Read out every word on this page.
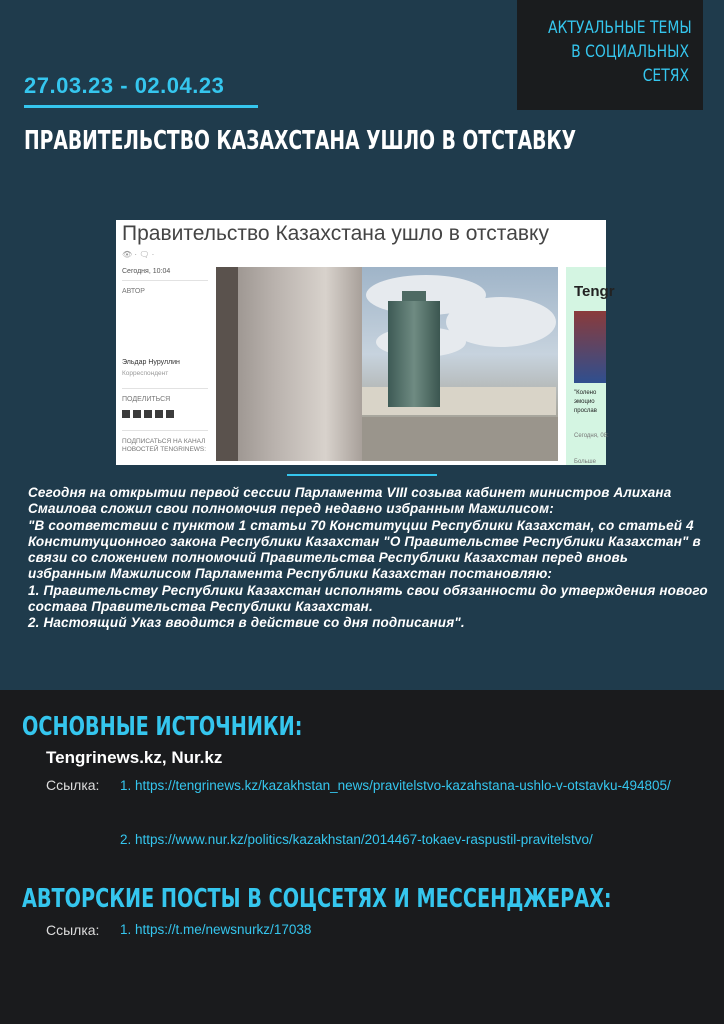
АКТУАЛЬНЫЕ ТЕМЫ
В СОЦИАЛЬНЫХ
СЕТЯХ
27.03.23 - 02.04.23
ПРАВИТЕЛЬСТВО КАЗАХСТАНА УШЛО В ОТСТАВКУ
Правительство Казахстана ушло в отставку
👁 · 🗨 ·
Сегодня, 10:04
АВТОР
Эльдар Нуруллин
Корреспондент
ПОДЕЛИТЬСЯ
ПОДПИСАТЬСЯ НА КАНАЛ НОВОСТЕЙ TENGRINEWS:
Tengr
"Колено
эмоцио
прослав
Сегодня, 08:
Больше

Сегодня на открытии первой сессии Парламента VIII созыва кабинет министров Алихана Смаилова сложил свои полномочия перед недавно избранным Мажилисом:

"В соответствии с пунктом 1 статьи 70 Конституции Республики Казахстан, со статьей 4 Конституционного закона Республики Казахстан "О Правительстве Республики Казахстан" в связи со сложением полномочий Правительства Республики Казахстан перед вновь избранным Мажилисом Парламента Республики Казахстан постановляю:

1. Правительству Республики Казахстан исполнять свои обязанности до утверждения нового состава Правительства Республики Казахстан.

2. Настоящий Указ вводится в действие со дня подписания".

ОСНОВНЫЕ ИСТОЧНИКИ:
Tengrinews.kz, Nur.kz
Ссылка: 1. https://tengrinews.kz/kazakhstan_news/pravitelstvo-kazahstana-ushlo-v-otstavku-494805/
2. https://www.nur.kz/politics/kazakhstan/2014467-tokaev-raspustil-pravitelstvo/
АВТОРСКИЕ ПОСТЫ В СОЦСЕТЯХ И МЕССЕНДЖЕРАХ:
Ссылка: 1. https://t.me/newsnurkz/17038
